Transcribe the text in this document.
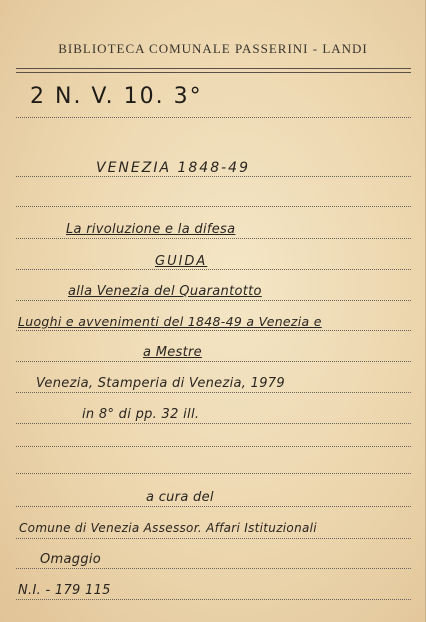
BIBLIOTECA COMUNALE PASSERINI - LANDI
2 N. V. 10. 3°
VENEZIA 1848-49
La rivoluzione e la difesa
GUIDA
alla Venezia del Quarantotto
Luoghi e avvenimenti del 1848-49 a Venezia e
a Mestre
Venezia, Stamperia di Venezia, 1979
in 8° di pp. 32 ill.
a cura del
Comune di Venezia Assessor. Affari Istituzionali
Omaggio
N.I. - 179 115
